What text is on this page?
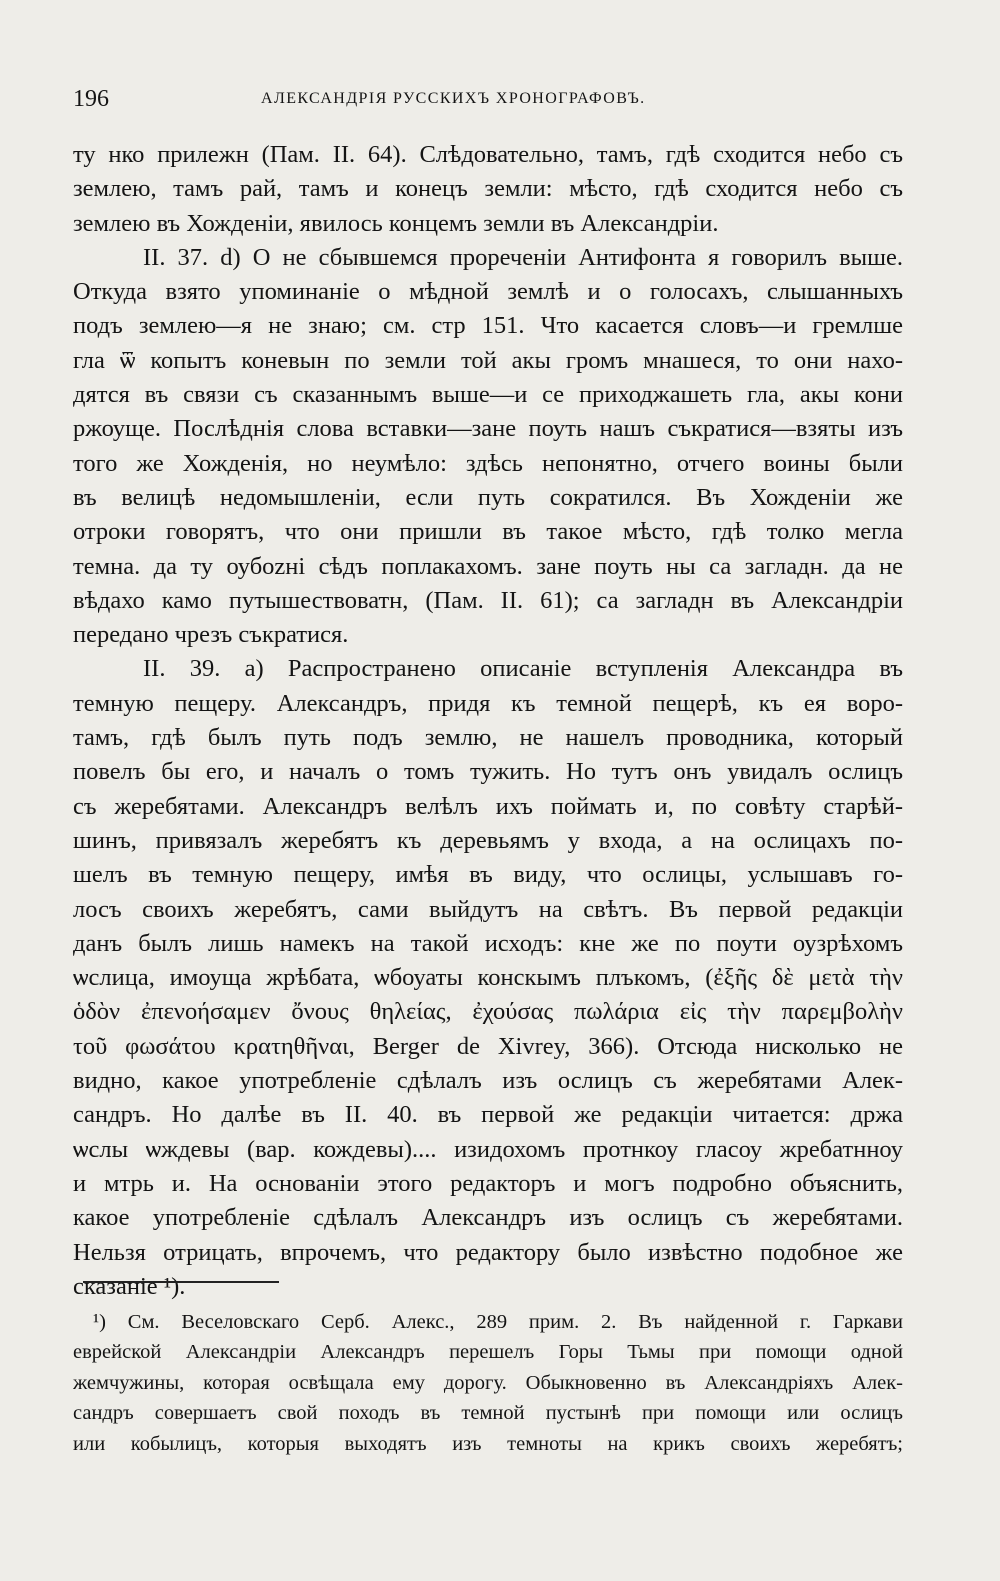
196	АЛЕКСАНДРІЯ РУССКИХЪ ХРОНОГРАФОВЪ.
ту нко прилежн (Пам. II. 64). Слѣдовательно, тамъ, гдѣ сходится небо съ
землею, тамъ рай, тамъ и конецъ земли: мѣсто, гдѣ сходится небо съ
землею въ Хожденіи, явилось концемъ земли въ Александріи.
II. 37. d) О не сбывшемся проречeніи Антифонта я говорилъ выше.
Откуда взято упоминаніе о мѣдной землѣ и о голосахъ, слышанныхъ
подъ землею—я не знаю; см. стр 151. Что касается словъ—и гремлше
гла ѿ копытъ коневын по земли той акы громъ мнашеся, то они нахо-
дятся въ связи съ сказаннымъ выше—и се приходжашеть гла, акы кони
ржоуще. Послѣднія слова вставки—зане поуть нашъ съкратися—взяты изъ
того же Хожденія, но неумѣло: здѣсь непонятно, отчего воины были
въ велицѣ недомышленіи, если путь сократился. Въ Хожденіи же
отроки говорятъ, что они пришли въ такое мѣсто, гдѣ толко мегла
темна. да ту оубоzні сѣдъ поплакахомъ. зане поуть ны са загладн. да не
вѣдахо камо путышествоватн, (Пам. II. 61); са загладн въ Александріи
передано чрезъ съкратися.
II. 39. a) Распространено описаніе вступленія Александра въ
темную пещеру. Александръ, придя къ темной пещерѣ, къ ея воро-
тамъ, гдѣ былъ путь подъ землю, не нашелъ проводника, который
повелъ бы его, и началъ о томъ тужить. Но тутъ онъ увидалъ ослицъ
съ жеребятами. Александръ велѣлъ ихъ поймать и, по совѣту старѣй-
шинъ, привязалъ жеребятъ къ деревьямъ у входа, а на ослицахъ по-
шелъ въ темную пещеру, имѣя въ виду, что ослицы, услышавъ го-
лосъ своихъ жеребятъ, сами выйдутъ на свѣтъ. Въ первой редакціи
данъ былъ лишь намекъ на такой исходъ: кне же по поути оузрѣхомъ
ѡслица, имоуща жрѣбата, ѡбоуаты конскымъ плъкомъ, (ἐξῆς δὲ μετὰ τὴν
ὁδὸν ἐπενοήσαμεν ὄνους θηλείας, ἐχούσας πωλάρια εἰς τὴν παρεμβολὴν
τοῦ φωσάτου κρατηθῆναι, Berger de Xivrey, 366). Отсюда нисколько не
видно, какое употребленіе сдѣлалъ изъ ослицъ съ жеребятами Алек-
сандръ. Но далѣе въ II. 40. въ первой же редакціи читается: држа
ѡслы ѡждевы (вар. кождевы).... изидохомъ протнкоу гласоу жребатнноу
и мтрь и. На основаніи этого редакторъ и могъ подробно объяснить,
какое употребленіе сдѣлалъ Александръ изъ ослицъ съ жеребятами.
Нельзя отрицать, впрочемъ, что редактору было извѣстно подобное же
сказаніе ¹).
¹) См. Веселовскаго Серб. Алекс., 289 прим. 2. Въ найденной г. Гаркави
еврейской Александріи Александръ перешелъ Горы Тьмы при помощи одной
жемчужины, которая освѣщала ему дорогу. Обыкновенно въ Александріяхъ Алек-
сандръ совершаетъ свой походъ въ темной пустынѣ при помощи или ослицъ
или кобылицъ, которыя выходятъ изъ темноты на крикъ своихъ жеребятъ;
